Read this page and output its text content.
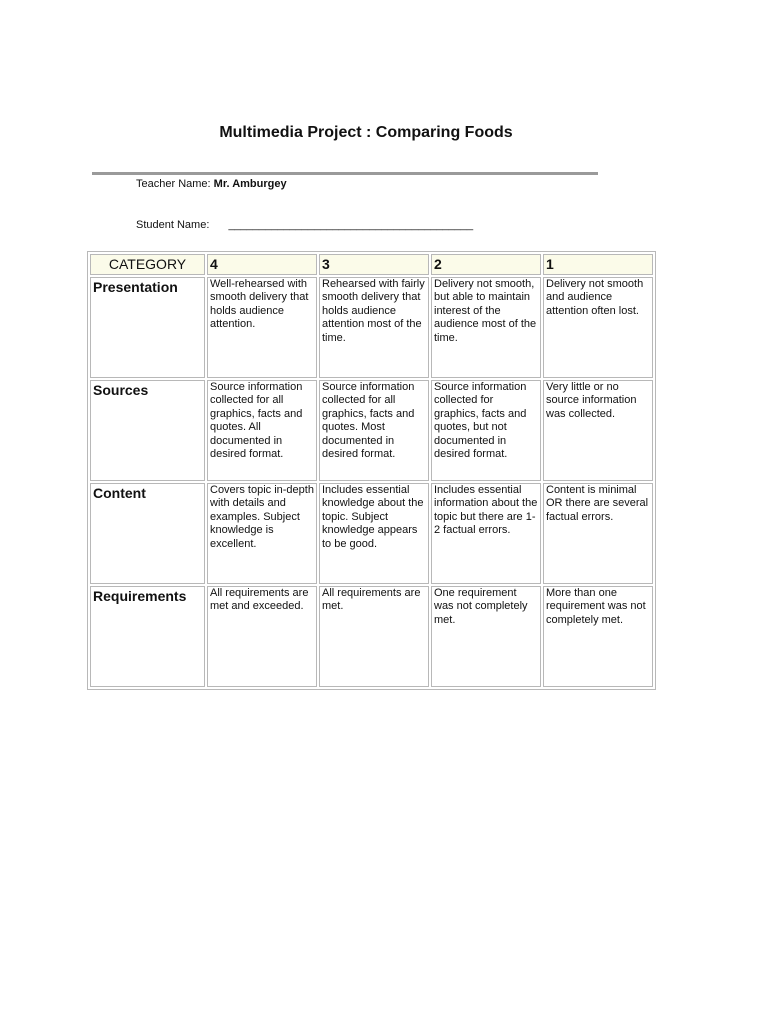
Multimedia Project : Comparing Foods
Teacher Name: Mr. Amburgey
Student Name: ________________________________________
CATEGORY	4	3	2	1
Presentation	Well-rehearsed with smooth delivery that holds audience attention.	Rehearsed with fairly smooth delivery that holds audience attention most of the time.	Delivery not smooth, but able to maintain interest of the audience most of the time.	Delivery not smooth and audience attention often lost.
Sources	Source information collected for all graphics, facts and quotes. All documented in desired format.	Source information collected for all graphics, facts and quotes. Most documented in desired format.	Source information collected for graphics, facts and quotes, but not documented in desired format.	Very little or no source information was collected.
Content	Covers topic in-depth with details and examples. Subject knowledge is excellent.	Includes essential knowledge about the topic. Subject knowledge appears to be good.	Includes essential information about the topic but there are 1-2 factual errors.	Content is minimal OR there are several factual errors.
Requirements	All requirements are met and exceeded.	All requirements are met.	One requirement was not completely met.	More than one requirement was not completely met.
